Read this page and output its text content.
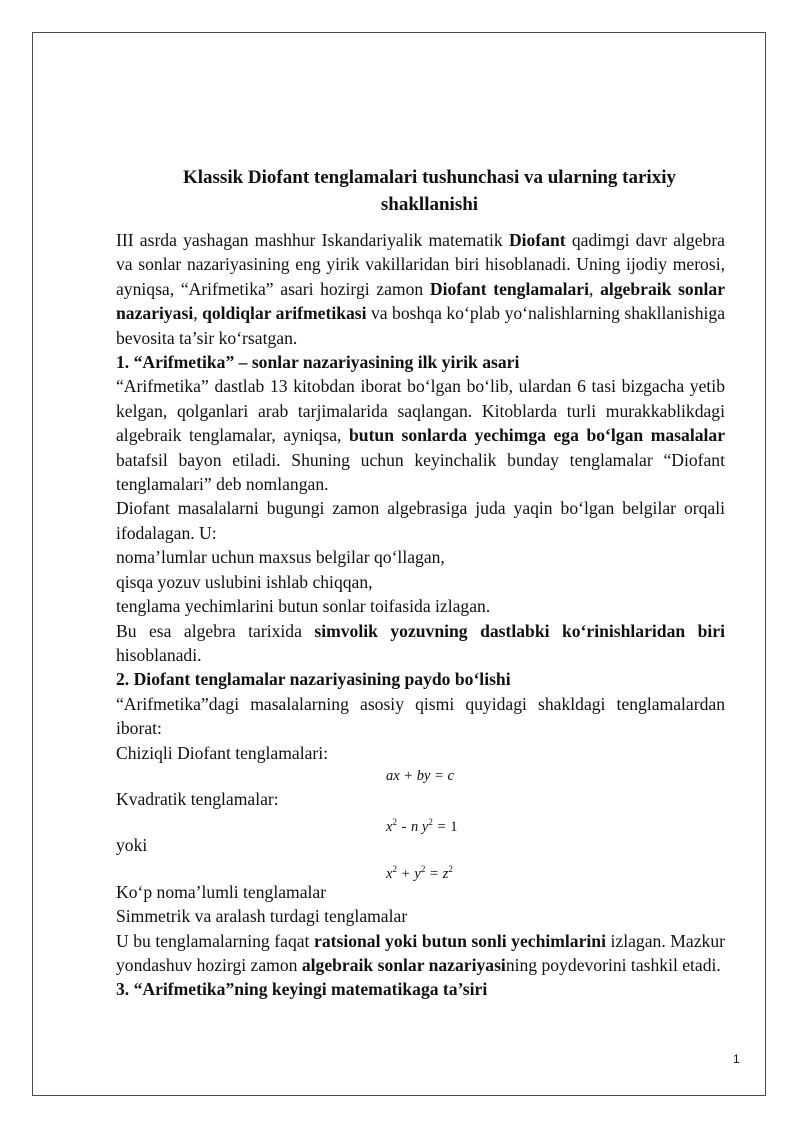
Klassik Diofant tenglamalari tushunchasi va ularning tarixiy shakllanishi

III asrda yashagan mashhur Iskandariyalik matematik Diofant qadimgi davr algebra va sonlar nazariyasining eng yirik vakillaridan biri hisoblanadi. Uning ijodiy merosi, ayniqsa, “Arifmetika” asari hozirgi zamon Diofant tenglamalari, algebraik sonlar nazariyasi, qoldiqlar arifmetikasi va boshqa ko‘plab yo‘nalishlarning shakllanishiga bevosita ta’sir ko‘rsatgan.

1. “Arifmetika” – sonlar nazariyasining ilk yirik asari

“Arifmetika” dastlab 13 kitobdan iborat bo‘lgan bo‘lib, ulardan 6 tasi bizgacha yetib kelgan, qolganlari arab tarjimalarida saqlangan. Kitoblarda turli murakkablikdagi algebraik tenglamalar, ayniqsa, butun sonlarda yechimga ega bo‘lgan masalalar batafsil bayon etiladi. Shuning uchun keyinchalik bunday tenglamalar “Diofant tenglamalari” deb nomlangan.

Diofant masalalarni bugungi zamon algebrasiga juda yaqin bo‘lgan belgilar orqali ifodalagan. U:

noma’lumlar uchun maxsus belgilar qo‘llagan,

qisqa yozuv uslubini ishlab chiqqan,

tenglama yechimlarini butun sonlar toifasida izlagan.

Bu esa algebra tarixida simvolik yozuvning dastlabki ko‘rinishlaridan biri hisoblanadi.

2. Diofant tenglamalar nazariyasining paydo bo‘lishi

“Arifmetika”dagi masalalarning asosiy qismi quyidagi shakldagi tenglamalardan iborat:

Chiziqli Diofant tenglamalari:

ax + by = c

Kvadratik tenglamalar:

$x^2$ - n $y^2 = 1$

yoki

$x^2 + y^2 = z^2$

Ko‘p noma’lumli tenglamalar

Simmetrik va aralash turdagi tenglamalar

U bu tenglamalarning faqat ratsional yoki butun sonli yechimlarini izlagan. Mazkur yondashuv hozirgi zamon algebraik sonlar nazariyasining poydevorini tashkil etadi.

3. “Arifmetika”ning keyingi matematikaga ta’siri

1
